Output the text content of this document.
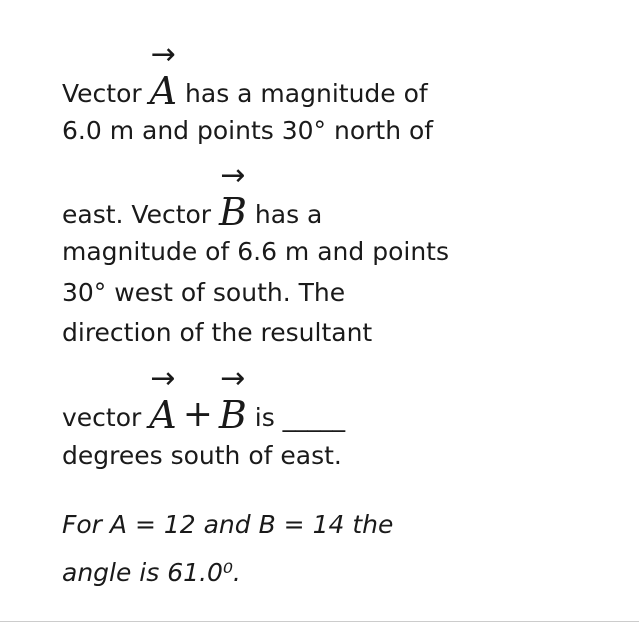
Vector
→
A has a magnitude of
6.0 m and points 30° north of
east. Vector
→
B has a
magnitude of 6.6 m and points
30° west of south. The
direction of the resultant
vector
→
A +
→
B is _____
degrees south of east.
For A = 12 and B = 14 the
angle is 61.0⁰.
